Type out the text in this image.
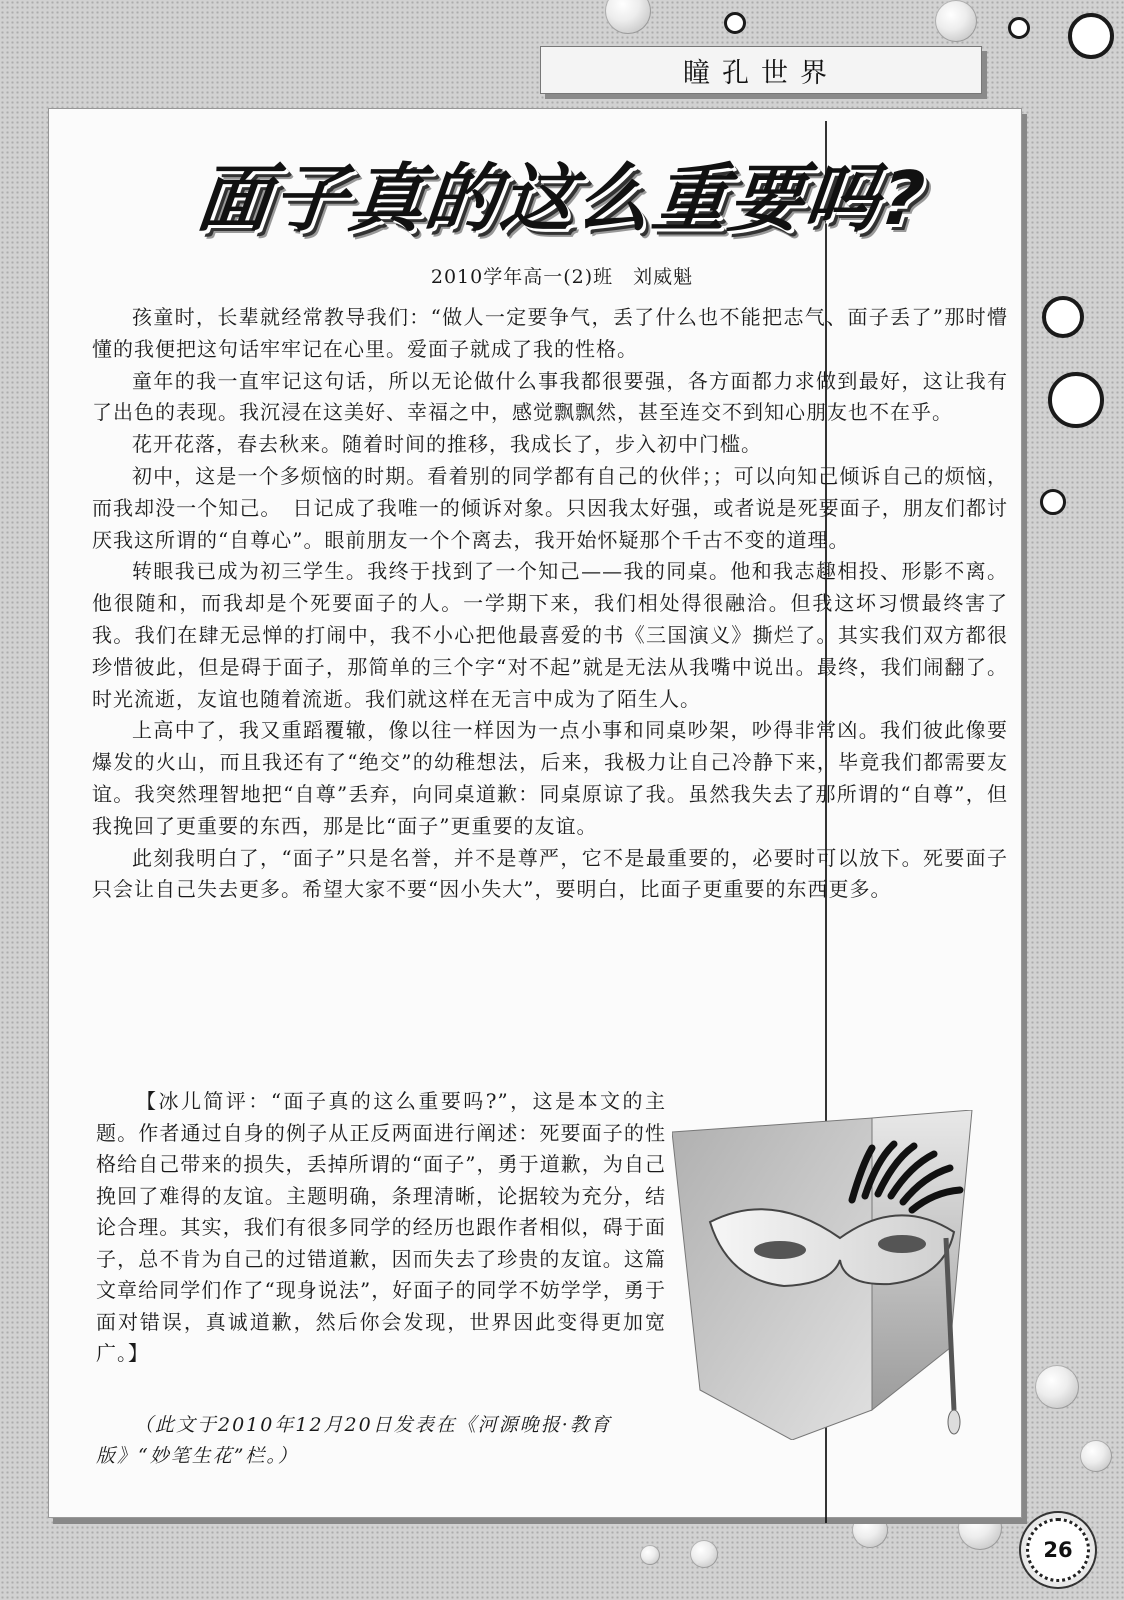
瞳孔世界
面子真的这么重要吗?
2010学年高一(2)班　刘威魁

孩童时，长辈就经常教导我们：“做人一定要争气，丢了什么也不能把志气、面子丢了”那时懵懂的我便把这句话牢牢记在心里。爱面子就成了我的性格。

童年的我一直牢记这句话，所以无论做什么事我都很要强，各方面都力求做到最好，这让我有了出色的表现。我沉浸在这美好、幸福之中，感觉飘飘然，甚至连交不到知心朋友也不在乎。

花开花落，春去秋来。随着时间的推移，我成长了，步入初中门槛。

初中，这是一个多烦恼的时期。看着别的同学都有自己的伙伴；；可以向知己倾诉自己的烦恼，而我却没一个知己。　日记成了我唯一的倾诉对象。只因我太好强，或者说是死要面子，朋友们都讨厌我这所谓的“自尊心”。眼前朋友一个个离去，我开始怀疑那个千古不变的道理。

转眼我已成为初三学生。我终于找到了一个知己——我的同桌。他和我志趣相投、形影不离。他很随和，而我却是个死要面子的人。一学期下来，我们相处得很融洽。但我这坏习惯最终害了我。我们在肆无忌惮的打闹中，我不小心把他最喜爱的书《三国演义》撕烂了。其实我们双方都很珍惜彼此，但是碍于面子，那简单的三个字“对不起”就是无法从我嘴中说出。最终，我们闹翻了。时光流逝，友谊也随着流逝。我们就这样在无言中成为了陌生人。

上高中了，我又重蹈覆辙，像以往一样因为一点小事和同桌吵架，吵得非常凶。我们彼此像要爆发的火山，而且我还有了“绝交”的幼稚想法，后来，我极力让自己冷静下来，毕竟我们都需要友谊。我突然理智地把“自尊”丢弃，向同桌道歉：同桌原谅了我。虽然我失去了那所谓的“自尊”，但我挽回了更重要的东西，那是比“面子”更重要的友谊。

此刻我明白了，“面子”只是名誉，并不是尊严，它不是最重要的，必要时可以放下。死要面子只会让自己失去更多。希望大家不要“因小失大”，要明白，比面子更重要的东西更多。

【冰儿简评：“面子真的这么重要吗?”，这是本文的主题。作者通过自身的例子从正反两面进行阐述：死要面子的性格给自己带来的损失，丢掉所谓的“面子”，勇于道歉，为自己挽回了难得的友谊。主题明确，条理清晰，论据较为充分，结论合理。其实，我们有很多同学的经历也跟作者相似，碍于面子，总不肯为自己的过错道歉，因而失去了珍贵的友谊。这篇文章给同学们作了“现身说法”，好面子的同学不妨学学，勇于面对错误，真诚道歉，然后你会发现，世界因此变得更加宽广。】

（此文于2010年12月20日发表在《河源晚报·教育版》“妙笔生花”栏。）
26
